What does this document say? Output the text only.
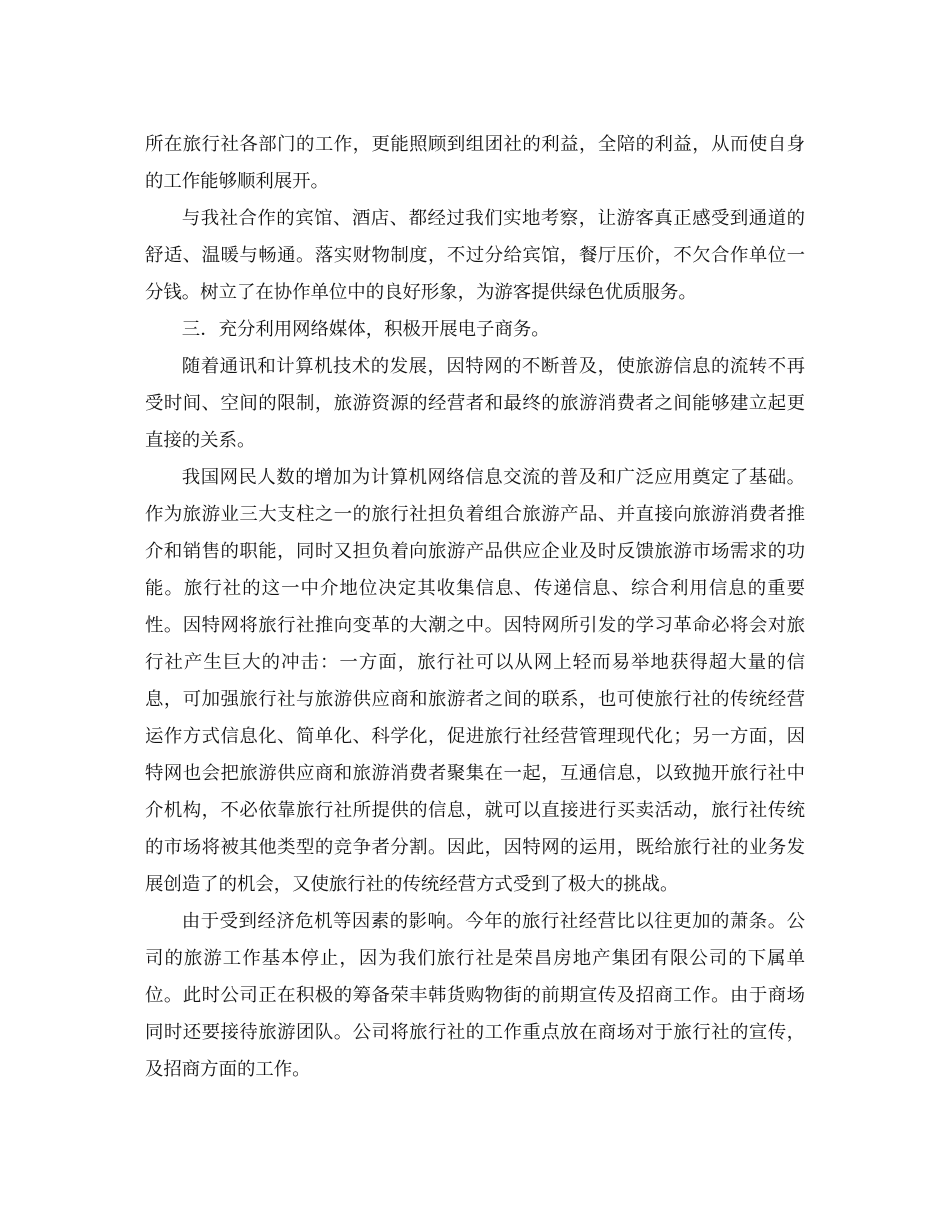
所在旅行社各部门的工作，更能照顾到组团社的利益，全陪的利益，从而使自身的工作能够顺利展开。

与我社合作的宾馆、酒店、都经过我们实地考察，让游客真正感受到通道的舒适、温暖与畅通。落实财物制度，不过分给宾馆，餐厅压价，不欠合作单位一分钱。树立了在协作单位中的良好形象，为游客提供绿色优质服务。

三．充分利用网络媒体，积极开展电子商务。

随着通讯和计算机技术的发展，因特网的不断普及，使旅游信息的流转不再受时间、空间的限制，旅游资源的经营者和最终的旅游消费者之间能够建立起更直接的关系。

我国网民人数的增加为计算机网络信息交流的普及和广泛应用奠定了基础。作为旅游业三大支柱之一的旅行社担负着组合旅游产品、并直接向旅游消费者推介和销售的职能，同时又担负着向旅游产品供应企业及时反馈旅游市场需求的功能。旅行社的这一中介地位决定其收集信息、传递信息、综合利用信息的重要性。因特网将旅行社推向变革的大潮之中。因特网所引发的学习革命必将会对旅行社产生巨大的冲击：一方面，旅行社可以从网上轻而易举地获得超大量的信息，可加强旅行社与旅游供应商和旅游者之间的联系，也可使旅行社的传统经营运作方式信息化、简单化、科学化，促进旅行社经营管理现代化；另一方面，因特网也会把旅游供应商和旅游消费者聚集在一起，互通信息，以致抛开旅行社中介机构，不必依靠旅行社所提供的信息，就可以直接进行买卖活动，旅行社传统的市场将被其他类型的竞争者分割。因此，因特网的运用，既给旅行社的业务发展创造了的机会，又使旅行社的传统经营方式受到了极大的挑战。

由于受到经济危机等因素的影响。今年的旅行社经营比以往更加的萧条。公司的旅游工作基本停止，因为我们旅行社是荣昌房地产集团有限公司的下属单位。此时公司正在积极的筹备荣丰韩货购物街的前期宣传及招商工作。由于商场同时还要接待旅游团队。公司将旅行社的工作重点放在商场对于旅行社的宣传，及招商方面的工作。
